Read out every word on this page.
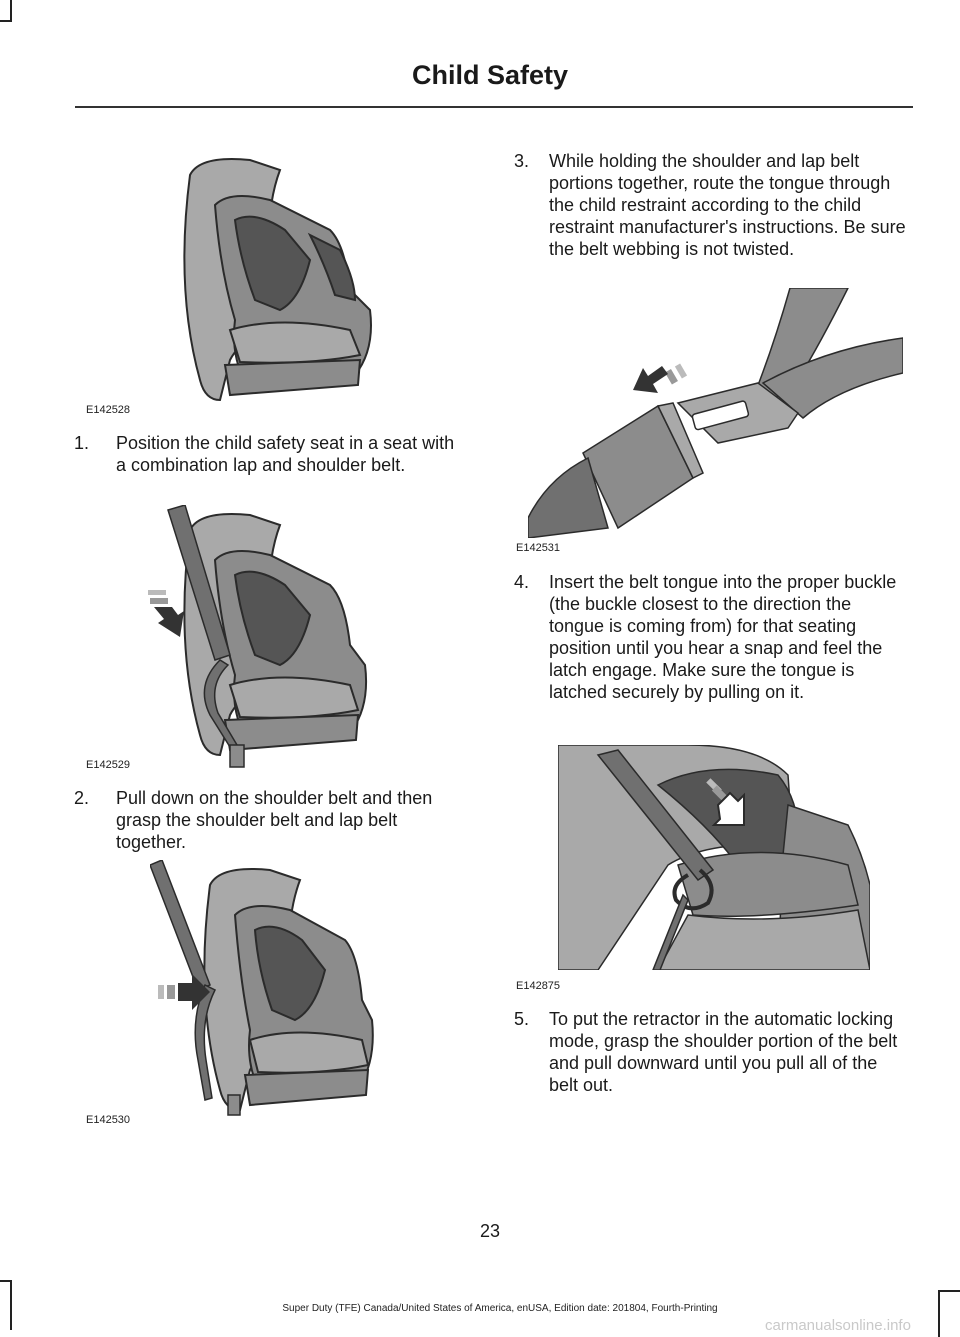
Child Safety
E142528
1. Position the child safety seat in a seat with a combination lap and shoulder belt.
E142529
2. Pull down on the shoulder belt and then grasp the shoulder belt and lap belt together.
E142530
3. While holding the shoulder and lap belt portions together, route the tongue through the child restraint according to the child restraint manufacturer's instructions. Be sure the belt webbing is not twisted.
E142531
4. Insert the belt tongue into the proper buckle (the buckle closest to the direction the tongue is coming from) for that seating position until you hear a snap and feel the latch engage. Make sure the tongue is latched securely by pulling on it.
E142875
5. To put the retractor in the automatic locking mode, grasp the shoulder portion of the belt and pull downward until you pull all of the belt out.
23
Super Duty (TFE) Canada/United States of America, enUSA, Edition date: 201804, Fourth-Printing
carmanualsonline.info
